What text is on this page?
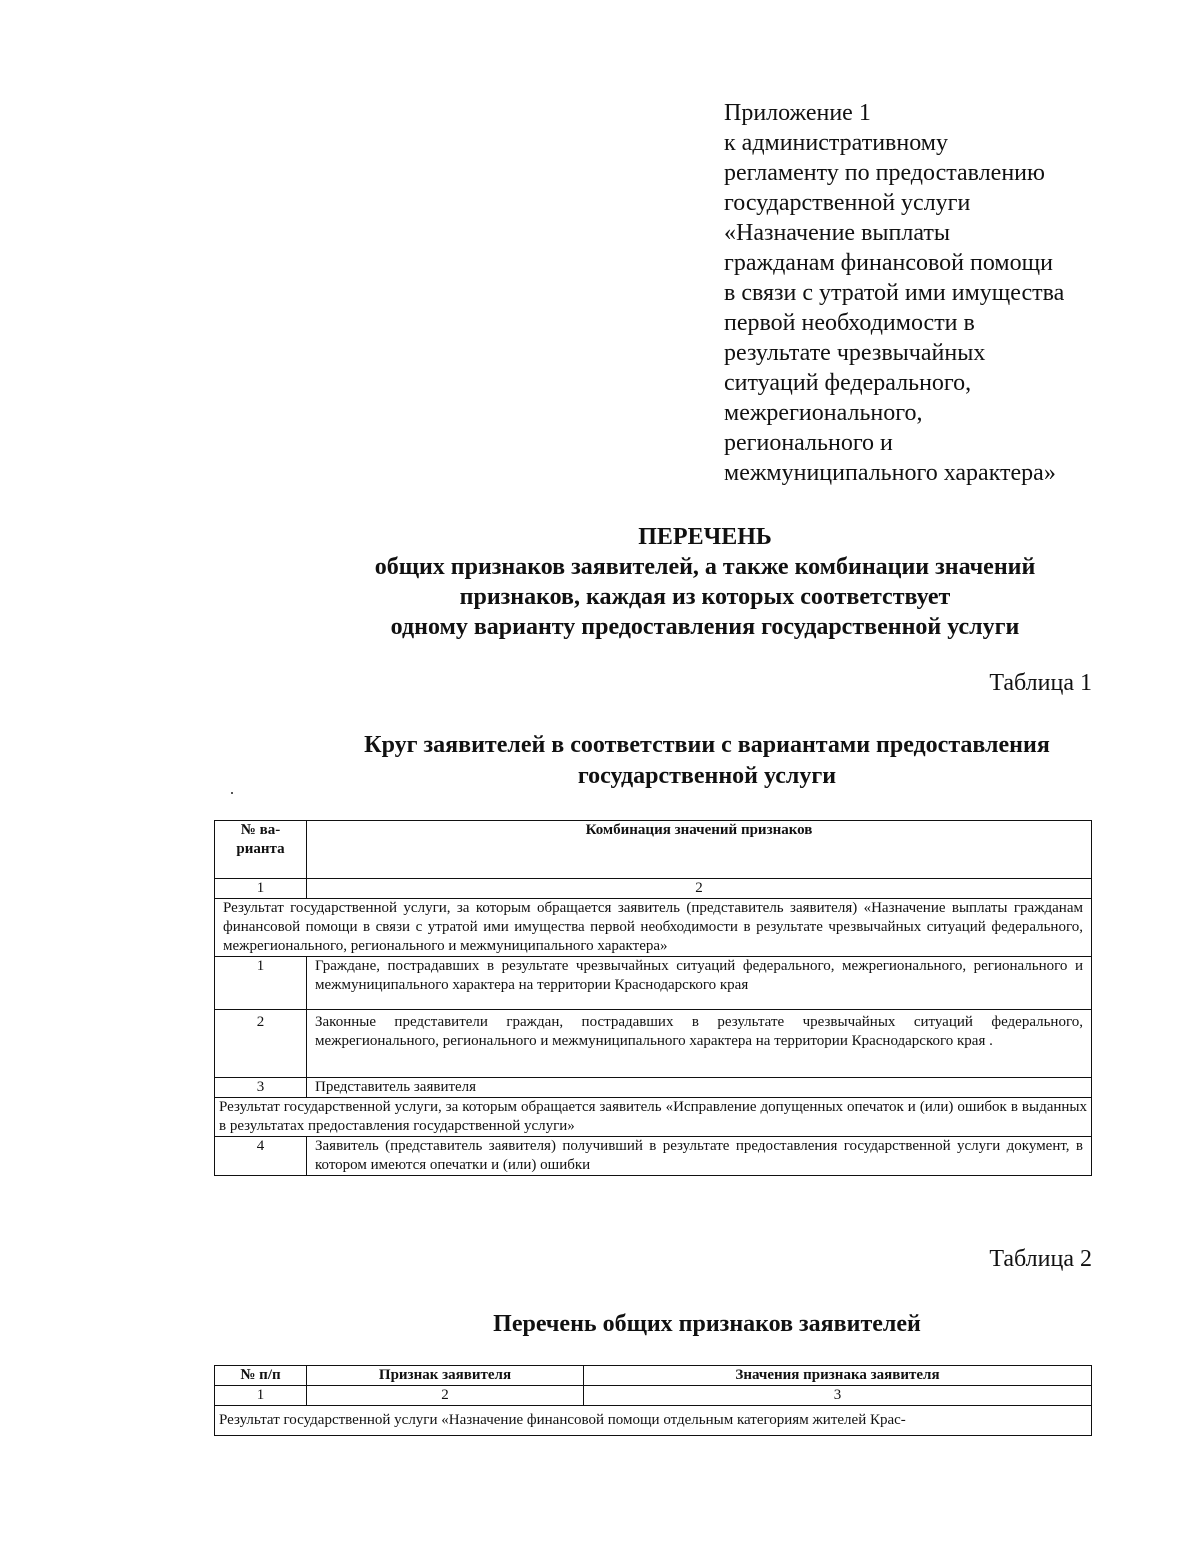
Приложение 1
к административному
регламенту по предоставлению
государственной услуги
«Назначение выплаты
гражданам финансовой помощи
в связи с утратой ими имущества
первой необходимости в
результате чрезвычайных
ситуаций федерального,
межрегионального,
регионального и
межмуниципального характера»
ПЕРЕЧЕНЬ
общих признаков заявителей, а также комбинации значений
признаков, каждая из которых соответствует
одному варианту предоставления государственной услуги
Таблица 1
Круг заявителей в соответствии с вариантами предоставления
государственной услуги
№ ва-
рианта	Комбинация значений признаков
1	2
Результат государственной услуги, за которым обращается заявитель (представитель заявителя) «Назначение выплаты гражданам финансовой помощи в связи с утратой ими имущества первой необходимости в результате чрезвычайных ситуаций федерального, межрегионального, регионального и межмуниципального характера»	
1	Граждане, пострадавших в результате чрезвычайных ситуаций федерального, межрегионального, регионального и межмуниципального характера на территории Краснодарского края
2	Законные представители граждан, пострадавших в результате чрезвычайных ситуаций федерального, межрегионального, регионального и межмуниципального характера на территории Краснодарского края .
3	Представитель заявителя
Результат государственной услуги, за которым обращается заявитель «Исправление допущенных опечаток и (или) ошибок в выданных в результатах предоставления государственной услуги»	
4	Заявитель (представитель заявителя) получивший в результате предоставления государственной услуги документ, в котором имеются опечатки и (или) ошибки
Таблица 2
Перечень общих признаков заявителей
№ п/п	Признак заявителя	Значения признака заявителя
1	2	3
Результат государственной услуги «Назначение финансовой помощи отдельным категориям жителей Крас-		
